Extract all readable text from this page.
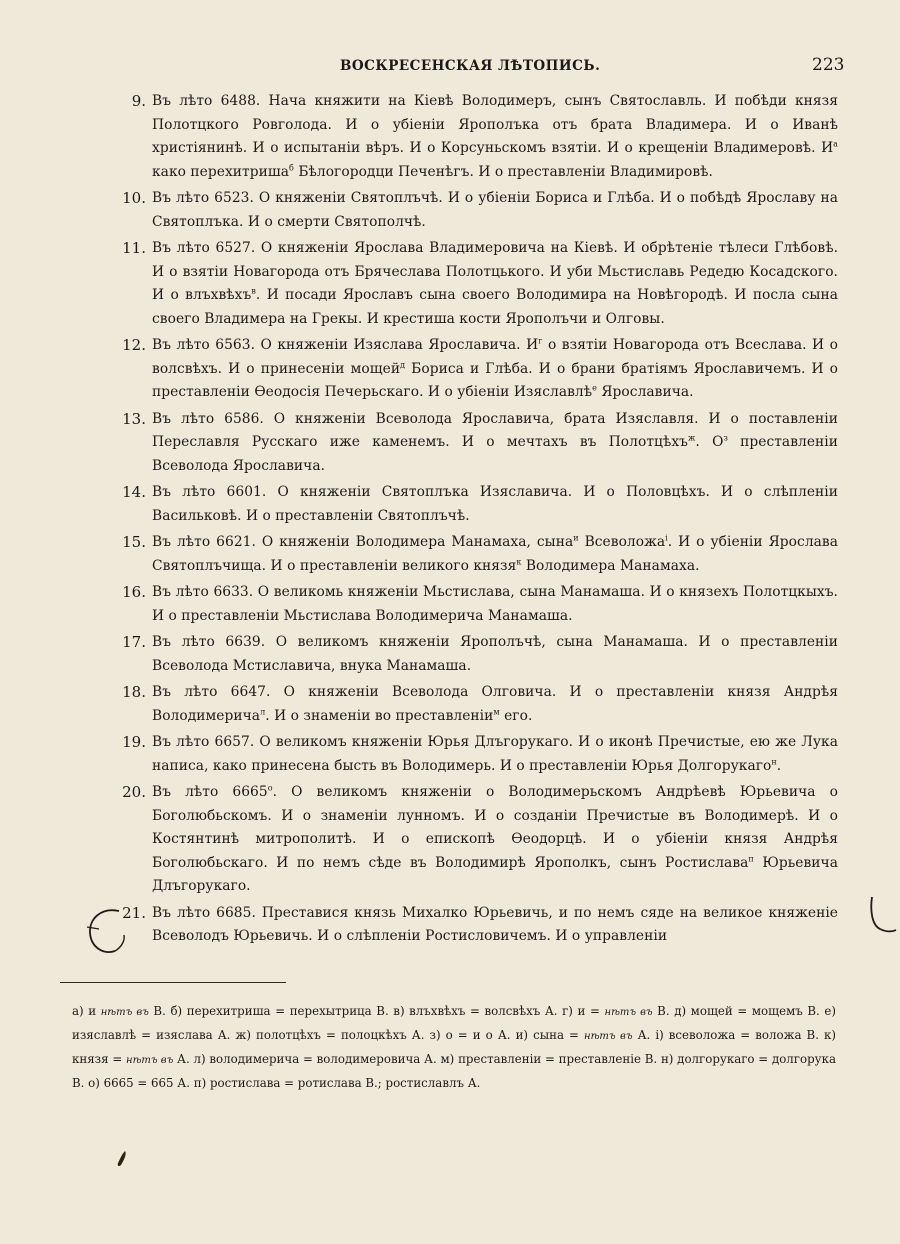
ВОСКРЕСЕНСКАЯ ЛѢТОПИСЬ.	223
9. Въ лѣто 6488. Нача княжити на Кіевѣ Володимеръ, сынъ Святославль. И побѣди князя Полотцкого Ровголода. И о убіеніи Ярополъка отъ брата Владимера. И о Иванѣ христіянинѣ. И о испытаніи вѣръ. И о Корсуньскомъ взятіи. И о крещеніи Владимеровѣ. $И^а$ како перехитриша$^б$ Бѣлогородци Печенѣгъ. И о преставленіи Владимировѣ.
10. Въ лѣто 6523. О княженіи Святоплъчѣ. И о убіеніи Бориса и Глѣба. И о побѣдѣ Ярославу на Святоплъка. И о смерти Святополчѣ.
11. Въ лѣто 6527. О княженіи Ярослава Владимеровича на Кіевѣ. И обрѣтеніе тѣлеси Глѣбовѣ. И о взятіи Новагорода отъ Брячеслава Полотцького. И уби Мьстиславь Редедю Косадского. И о влъхвѣхъ$^в$. И посади Ярославъ сына своего Володимира на Новѣгородѣ. И посла сына своего Владимера на Грекы. И крестиша кости Ярополъчи и Олговы.
12. Въ лѣто 6563. О княженіи Изяслава Ярославича. $И^г$ о взятіи Новагорода отъ Всеслава. И о волсвѣхъ. И о принесеніи мощей$^д$ Бориса и Глѣба. И о брани братіямъ Ярославичемъ. И о преставленіи Ѳеодосія Печерьскаго. И о убіеніи Изяславлѣ$^е$ Ярославича.
13. Въ лѣто 6586. О княженіи Всеволода Ярославича, брата Изяславля. И о поставленіи Переславля Русскаго иже каменемъ. И о мечтахъ въ Полотцѣхъ$^ж$. $О^з$ преставленіи Всеволода Ярославича.
14. Въ лѣто 6601. О княженіи Святоплъка Изяславича. И о Половцѣхъ. И о слѣпленіи Васильковѣ. И о преставленіи Святоплъчѣ.
15. Въ лѣто 6621. О княженіи Володимера Манамаха, сына$^и$ Всеволожа$^і$. И о убіеніи Ярослава Святоплъчища. И о преставленіи великого князя$^к$ Володимера Манамаха.
16. Въ лѣто 6633. О великомь княженіи Мьстислава, сына Манамаша. И о князехъ Полотцкыхъ. И о преставленіи Мьстислава Володимерича Манамаша.
17. Въ лѣто 6639. О великомъ княженіи Ярополъчѣ, сына Манамаша. И о преставленіи Всеволода Мстиславича, внука Манамаша.
18. Въ лѣто 6647. О княженіи Всеволода Олговича. И о преставленіи князя Андрѣя Володимерича$^л$. И о знаменіи во преставленіи$^м$ его.
19. Въ лѣто 6657. О великомъ княженіи Юрья Длъгорукаго. И о иконѣ Пречистые, ею же Лука написа, како принесена бысть въ Володимерь. И о преставленіи Юрья Долгорукаго$^н$.
20. Въ лѣто $6665^о$. О великомъ княженіи о Володимерьскомъ Андрѣевѣ Юрьевича о Боголюбьскомъ. И о знаменіи лунномъ. И о созданіи Пречистые въ Володимерѣ. И о Костянтинѣ митрополитѣ. И о епископѣ Ѳеодорцѣ. И о убіеніи князя Андрѣя Боголюбьскаго. И по немъ сѣде въ Володимирѣ Ярополкъ, сынъ Ростислава$^п$ Юрьевича Длъгорукаго.
21. Въ лѣто 6685. Преставися князь Михалко Юрьевичь, и по немъ сяде на великое княженіе Всеволодъ Юрьевичь. И о слѣпленіи Ростисловичемъ. И о управленіи
а) и нѣтъ въ В. б) перехитриша = перехытрица В. в) влъхвѣхъ = волсвѣхъ А. г) и = нѣтъ въ В. д) мощей = мощемъ В. е) изяславлѣ = изяслава А. ж) полотцѣхъ = полоцкѣхъ А. з) о = и о А. и) сына = нѣтъ въ А. і) всеволожа = воложа В. к) князя = нѣтъ въ А. л) володимерича = володимеровича А. м) преставленіи = преставленіе В. н) долгорукаго = долгорука В. о) 6665 = 665 А. п) ростислава = ротислава В.; ростиславлъ А.
